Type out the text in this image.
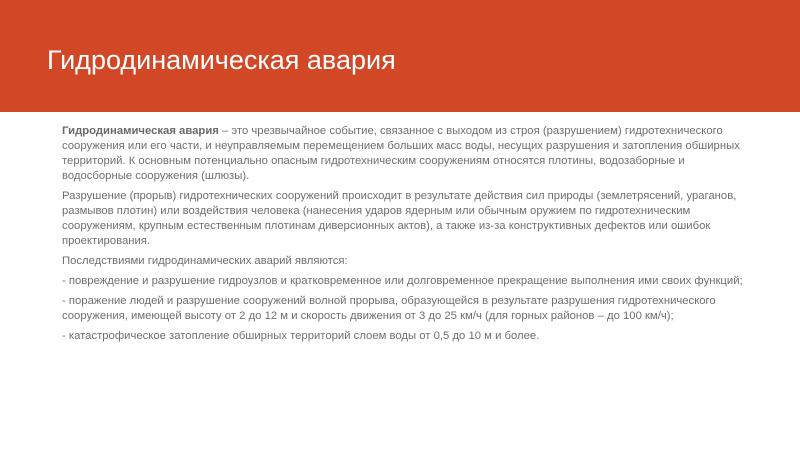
Гидродинамическая авария

Гидродинамическая авария – это чрезвычайное событие, связанное с выходом из строя (разрушением) гидротехнического сооружения или его части, и неуправляемым перемещением больших масс воды, несущих разрушения и затопления обширных территорий. К основным потенциально опасным гидротехническим сооружениям относятся плотины, водозаборные и водосборные сооружения (шлюзы).

Разрушение (прорыв) гидротехнических сооружений происходит в результате действия сил природы (землетрясений, ураганов, размывов плотин) или воздействия человека (нанесения ударов ядерным или обычным оружием по гидротехническим сооружениям, крупным естественным плотинам диверсионных актов), а также из-за конструктивных дефектов или ошибок проектирования.

Последствиями гидродинамических аварий являются:

- повреждение и разрушение гидроузлов и кратковременное или долговременное прекращение выполнения ими своих функций;

- поражение людей и разрушение сооружений волной прорыва, образующейся в результате разрушения гидротехнического сооружения, имеющей высоту от 2 до 12 м и скорость движения от 3 до 25 км/ч (для горных районов – до 100 км/ч);

- катастрофическое затопление обширных территорий слоем воды от 0,5 до 10 м и более.
